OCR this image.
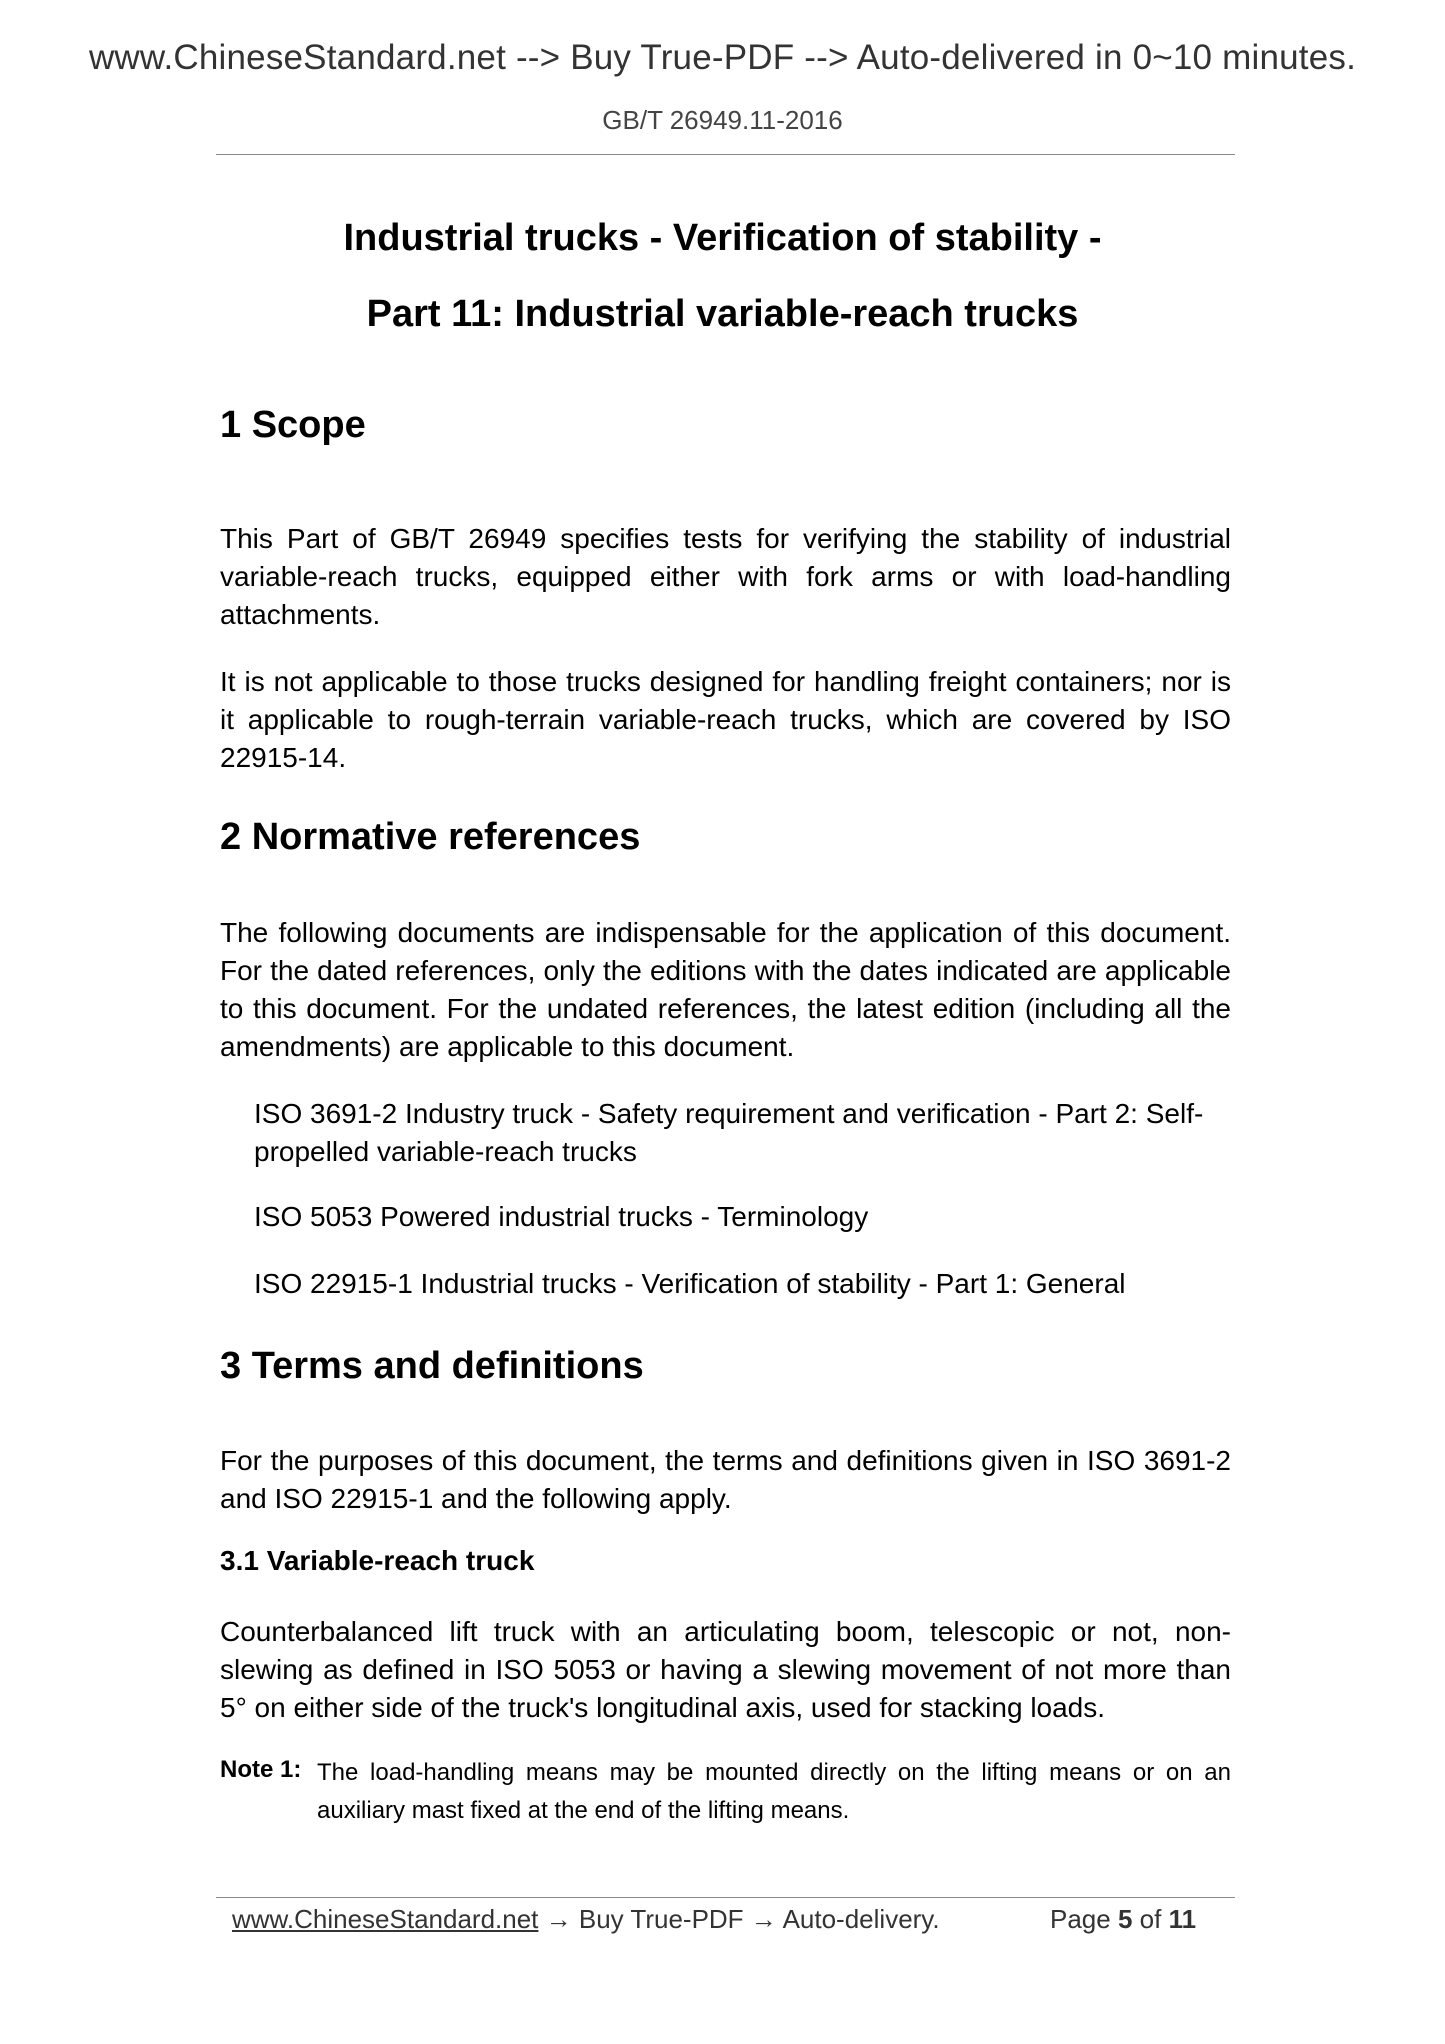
www.ChineseStandard.net --> Buy True-PDF --> Auto-delivered in 0~10 minutes.
GB/T 26949.11-2016
Industrial trucks - Verification of stability -
Part 11: Industrial variable-reach trucks
1 Scope
This Part of GB/T 26949 specifies tests for verifying the stability of industrial variable-reach trucks, equipped either with fork arms or with load-handling attachments.
It is not applicable to those trucks designed for handling freight containers; nor is it applicable to rough-terrain variable-reach trucks, which are covered by ISO 22915-14.
2 Normative references
The following documents are indispensable for the application of this document. For the dated references, only the editions with the dates indicated are applicable to this document. For the undated references, the latest edition (including all the amendments) are applicable to this document.
ISO 3691-2 Industry truck - Safety requirement and verification - Part 2: Self-propelled variable-reach trucks
ISO 5053 Powered industrial trucks - Terminology
ISO 22915-1 Industrial trucks - Verification of stability - Part 1: General
3 Terms and definitions
For the purposes of this document, the terms and definitions given in ISO 3691-2 and ISO 22915-1 and the following apply.
3.1 Variable-reach truck
Counterbalanced lift truck with an articulating boom, telescopic or not, non-slewing as defined in ISO 5053 or having a slewing movement of not more than 5° on either side of the truck's longitudinal axis, used for stacking loads.
Note 1: The load-handling means may be mounted directly on the lifting means or on an auxiliary mast fixed at the end of the lifting means.
www.ChineseStandard.net → Buy True-PDF → Auto-delivery.	Page 5 of 11
